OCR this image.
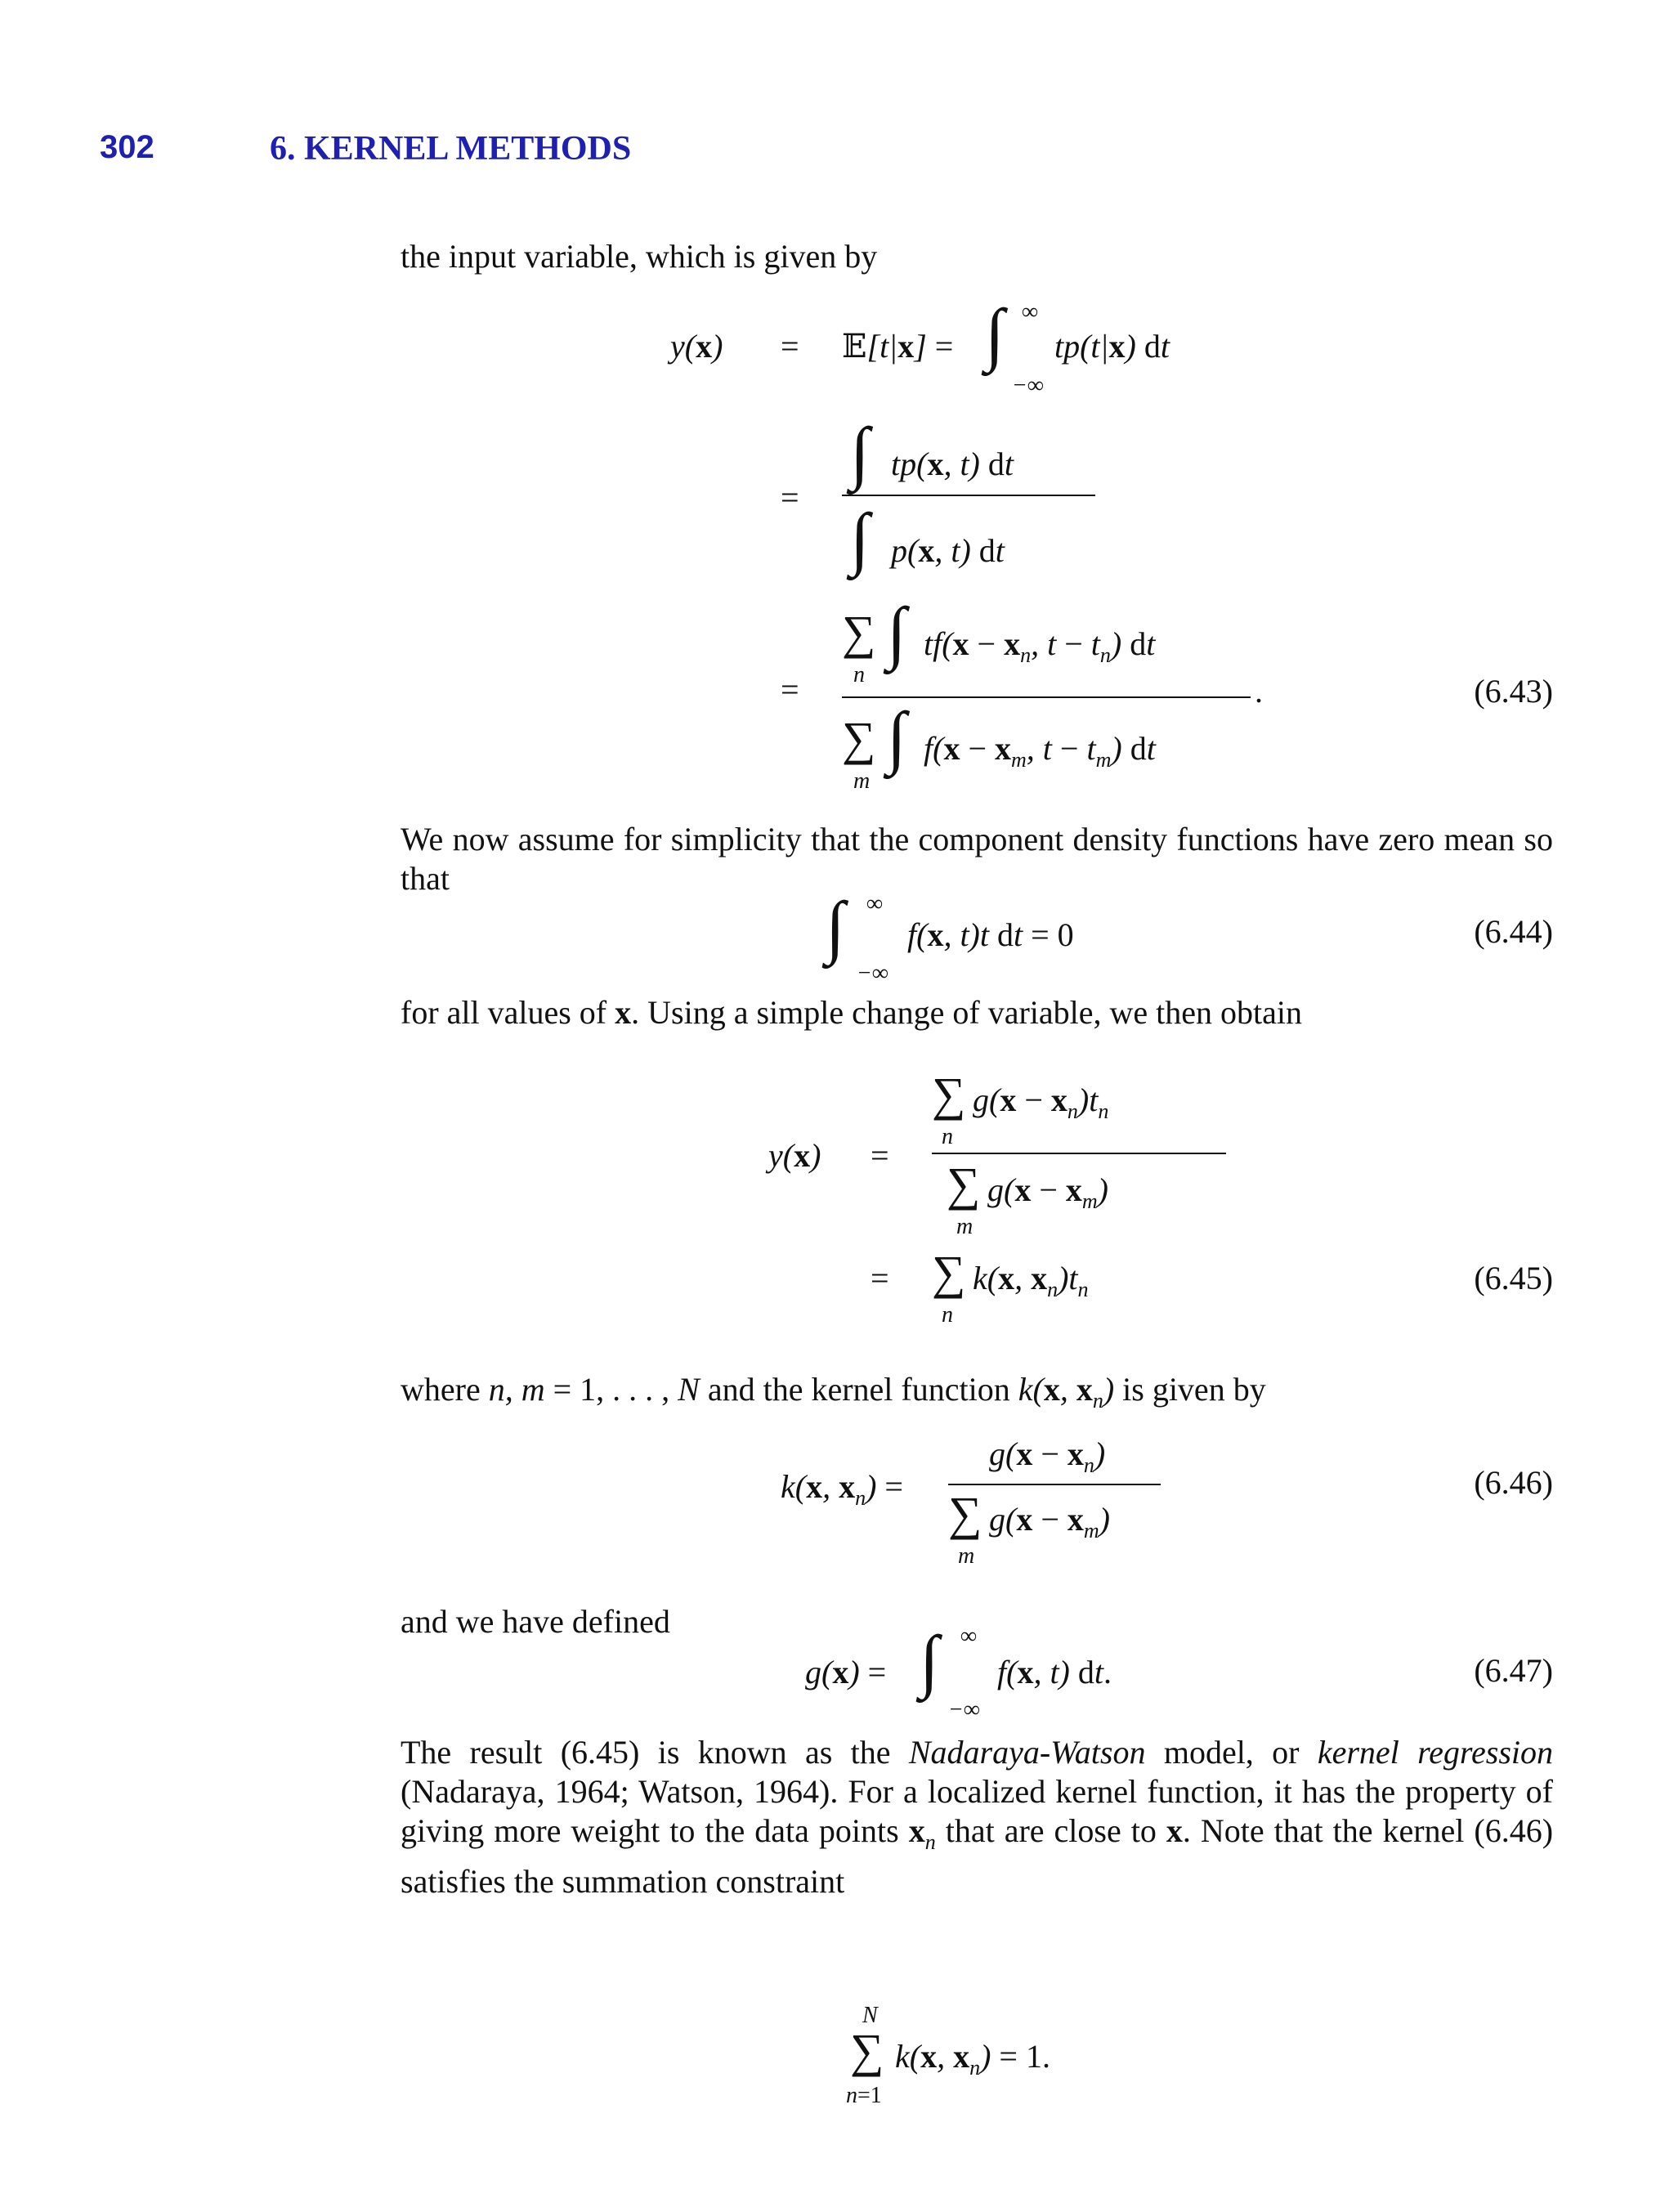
302	6. KERNEL METHODS
the input variable, which is given by
y(x) = 𝔼[t|x] = ∫ ∞
−∞
tp(t|x) dt
=
∫ tp(x, t) dt
∫ p(x, t) dt
=
∑
n
∫ $tf(x - x_n$, $t - t_n$) dt
.
∑
m
∫ $f(x - x_m$, $t - t_m$) dt
(6.43)
We now assume for simplicity that the component density functions have zero mean so that
∫ ∞
−∞
f(x, t)t dt = 0	(6.44)
for all values of x. Using a simple change of variable, we then obtain
y(x) =
∑
n
$g(x - x_n)t_n$
∑
m
$g(x - x_m)$
= ∑
n
k(x, $x_n)t_n$	(6.45)
where n, m = 1, . . . , N and the kernel function k(x, $x_n$) is given by
k(x, $x_n$) =
$g(x - x_n)$
∑
m
$g(x - x_m)$
(6.46)
and we have defined
g(x) = ∫ ∞
−∞
f(x, t) dt.	(6.47)
The result (6.45) is known as the Nadaraya-Watson model, or kernel regression (Nadaraya, 1964; Watson, 1964). For a localized kernel function, it has the property of giving more weight to the data points $x_n$ that are close to x. Note that the kernel (6.46) satisfies the summation constraint
N
∑
n=1
k(x, $x_n) = 1$.
